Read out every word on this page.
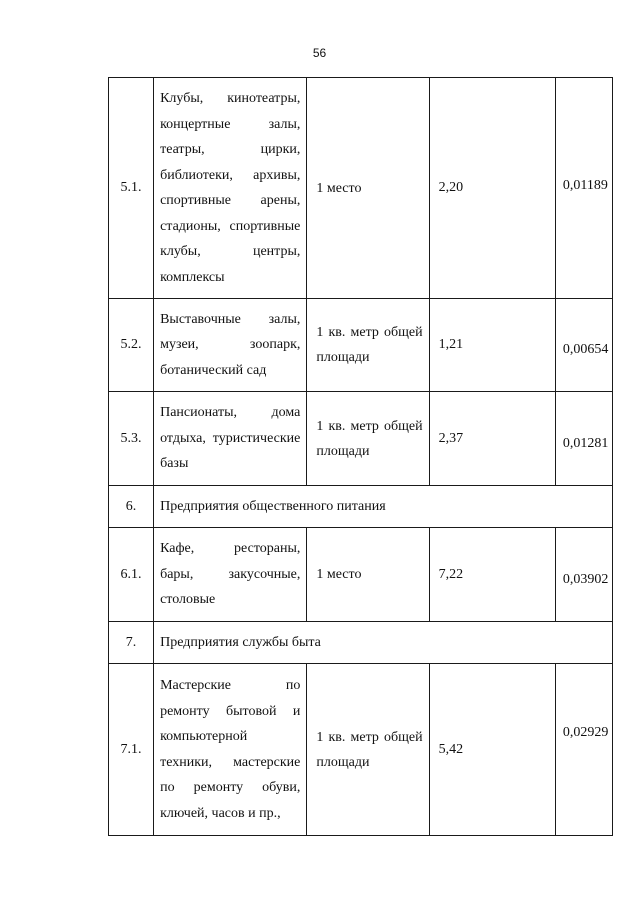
56
5.1.	Клубы, кинотеатры, концертные залы, театры, цирки, библиотеки, архивы, спортивные арены, стадионы, спортивные клубы, центры, комплексы	1 место	2,20	0,01189

5.2.	Выставочные залы, музеи, зоопарк, ботанический сад	1 кв. метр общей площади	1,21	0,00654

5.3.	Пансионаты, дома отдыха, туристические базы	1 кв. метр общей площади	2,37	0,01281

6.	Предприятия общественного питания			

6.1.	Кафе, рестораны, бары, закусочные, столовые	1 место	7,22	0,03902

7.	Предприятия службы быта			

7.1.	Мастерские по ремонту бытовой и компьютерной техники, мастерские по ремонту обуви, ключей, часов и пр.,	1 кв. метр общей площади	5,42	0,02929
